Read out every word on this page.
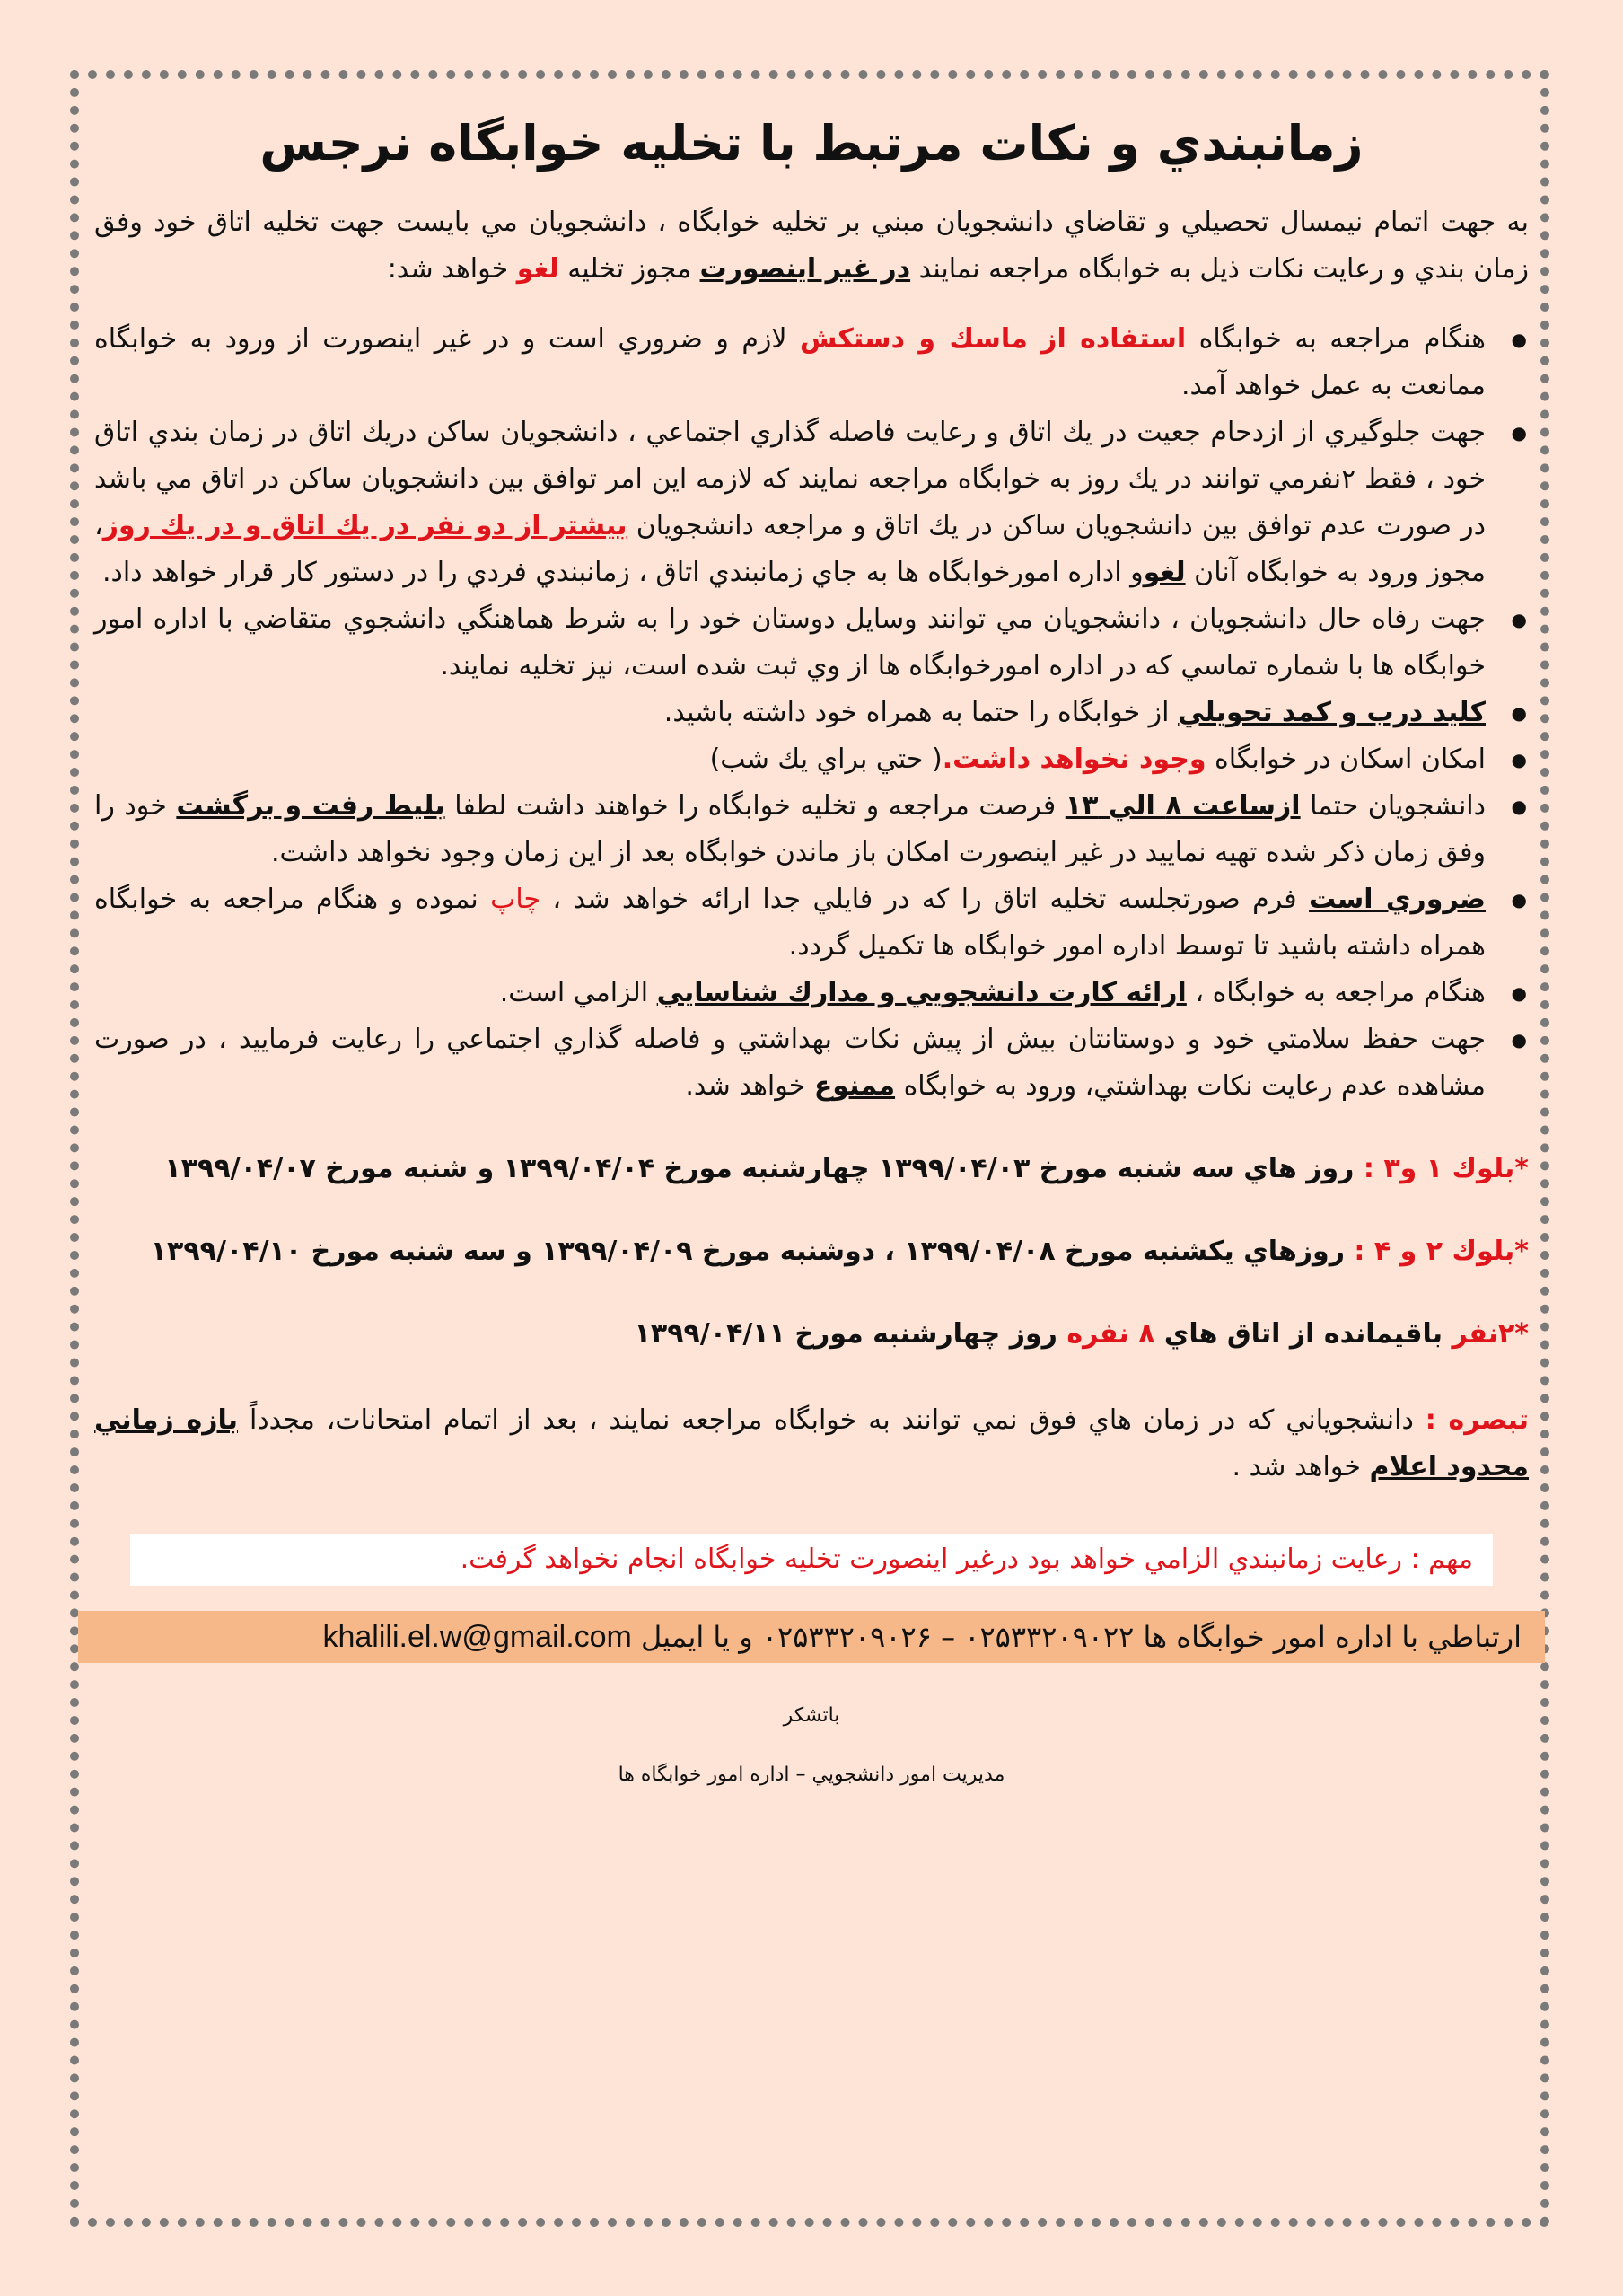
زمانبندي و نكات مرتبط با تخليه خوابگاه نرجس

به جهت اتمام نيمسال تحصيلي و تقاضاي دانشجويان مبني بر تخليه خوابگاه ، دانشجويان مي بايست جهت تخليه اتاق خود وفق زمان بندي و رعايت نكات ذيل به خوابگاه مراجعه نمايند در غير اينصورت مجوز تخليه لغو خواهد شد:

● هنگام مراجعه به خوابگاه استفاده از ماسك و دستكش لازم و ضروري است و در غير اينصورت از ورود به خوابگاه ممانعت به عمل خواهد آمد.
● جهت جلوگيري از ازدحام جعيت در يك اتاق و رعايت فاصله گذاري اجتماعي ، دانشجويان ساكن دريك اتاق در زمان بندي اتاق خود ، فقط ۲نفرمي توانند در يك روز به خوابگاه مراجعه نمايند كه لازمه اين امر توافق بين دانشجويان ساكن در اتاق مي باشد در صورت عدم توافق بين دانشجويان ساكن در يك اتاق و مراجعه دانشجويان بيشتر از دو نفر در يك اتاق و در يك روز، مجوز ورود به خوابگاه آنان لغوو اداره امورخوابگاه ها به جاي زمانبندي اتاق ، زمانبندي فردي را در دستور كار قرار خواهد داد.
● جهت رفاه حال دانشجويان ، دانشجويان مي توانند وسايل دوستان خود را به شرط هماهنگي دانشجوي متقاضي با اداره امور خوابگاه ها با شماره تماسي كه در اداره امورخوابگاه ها از وي ثبت شده است، نيز تخليه نمايند.
● كليد درب و كمد تحويلي از خوابگاه را حتما به همراه خود داشته باشيد.
● امكان اسكان در خوابگاه وجود نخواهد داشت.( حتي براي يك شب)
● دانشجويان حتما ازساعت ۸ الي ۱۳ فرصت مراجعه و تخليه خوابگاه را خواهند داشت لطفا بليط رفت و برگشت خود را وفق زمان ذكر شده تهيه نماييد در غير اينصورت امكان باز ماندن خوابگاه بعد از اين زمان وجود نخواهد داشت.
● ضروري است فرم صورتجلسه تخليه اتاق را كه در فايلي جدا ارائه خواهد شد ، چاپ نموده و هنگام مراجعه به خوابگاه همراه داشته باشيد تا توسط اداره امور خوابگاه ها تكميل گردد.
● هنگام مراجعه به خوابگاه ، ارائه كارت دانشجويي و مدارك شناسايي الزامي است.
● جهت حفظ سلامتي خود و دوستانتان بيش از پيش نكات بهداشتي و فاصله گذاري اجتماعي را رعايت فرماييد ، در صورت مشاهده عدم رعايت نكات بهداشتي، ورود به خوابگاه ممنوع خواهد شد.

*بلوك ۱ و۳ : روز هاي سه شنبه مورخ ۱۳۹۹/۰۴/۰۳ چهارشنبه مورخ ۱۳۹۹/۰۴/۰۴ و شنبه مورخ ۱۳۹۹/۰۴/۰۷

*بلوك ۲ و ۴ : روزهاي يكشنبه مورخ ۱۳۹۹/۰۴/۰۸ ، دوشنبه مورخ ۱۳۹۹/۰۴/۰۹ و سه شنبه مورخ ۱۳۹۹/۰۴/۱۰

*۲نفر باقيمانده از اتاق هاي ۸ نفره روز چهارشنبه مورخ ۱۳۹۹/۰۴/۱۱

تبصره : دانشجوياني كه در زمان هاي فوق نمي توانند به خوابگاه مراجعه نمايند ، بعد از اتمام امتحانات، مجدداً بازه زماني محدود اعلام خواهد شد .

مهم : رعايت زمانبندي الزامي خواهد بود درغير اينصورت تخليه خوابگاه انجام نخواهد گرفت.
ارتباطي با اداره امور خوابگاه ها ۰۲۵۳۳۲۰۹۰۲۲ – ۰۲۵۳۳۲۰۹۰۲۶ و يا ايميل khalili.el.w@gmail.com
باتشكر
مديريت امور دانشجويي – اداره امور خوابگاه ها
